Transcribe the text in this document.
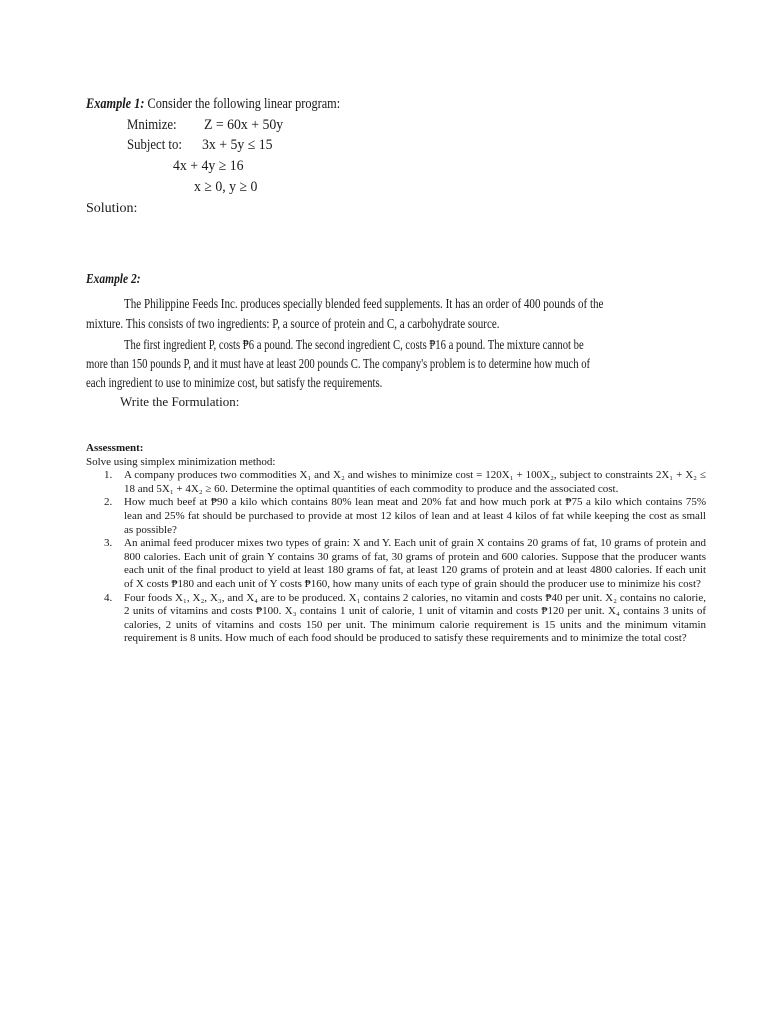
Example 1: Consider the following linear program:
Mnimize: Z = 60x + 50y
Subject to: 3x + 5y ≤ 15
4x + 4y ≥ 16
x ≥ 0, y ≥ 0
Solution:
Example 2:
The Philippine Feeds Inc. produces specially blended feed supplements. It has an order of 400 pounds of the
mixture. This consists of two ingredients: P, a source of protein and C, a carbohydrate source.
The first ingredient P, costs ₱6 a pound. The second ingredient C, costs ₱16 a pound. The mixture cannot be
more than 150 pounds P, and it must have at least 200 pounds C. The company's problem is to determine how much of
each ingredient to use to minimize cost, but satisfy the requirements.
Write the Formulation:

Assessment:

Solve using simplex minimization method:

1. A company produces two commodities X₁ and X₂ and wishes to minimize cost = 120X₁ + 100X₂, subject to constraints 2X₁ + X₂ ≤ 18 and 5X₁ + 4X₂ ≥ 60. Determine the optimal quantities of each commodity to produce and the associated cost.
2. How much beef at ₱90 a kilo which contains 80% lean meat and 20% fat and how much pork at ₱75 a kilo which contains 75% lean and 25% fat should be purchased to provide at most 12 kilos of lean and at least 4 kilos of fat while keeping the cost as small as possible?
3. An animal feed producer mixes two types of grain: X and Y. Each unit of grain X contains 20 grams of fat, 10 grams of protein and 800 calories. Each unit of grain Y contains 30 grams of fat, 30 grams of protein and 600 calories. Suppose that the producer wants each unit of the final product to yield at least 180 grams of fat, at least 120 grams of protein and at least 4800 calories. If each unit of X costs ₱180 and each unit of Y costs ₱160, how many units of each type of grain should the producer use to minimize his cost?
4. Four foods X₁, X₂, X₃, and X₄ are to be produced. X₁ contains 2 calories, no vitamin and costs ₱40 per unit. X₂ contains no calorie, 2 units of vitamins and costs ₱100. X₃ contains 1 unit of calorie, 1 unit of vitamin and costs ₱120 per unit. X₄ contains 3 units of calories, 2 units of vitamins and costs 150 per unit. The minimum calorie requirement is 15 units and the minimum vitamin requirement is 8 units. How much of each food should be produced to satisfy these requirements and to minimize the total cost?
